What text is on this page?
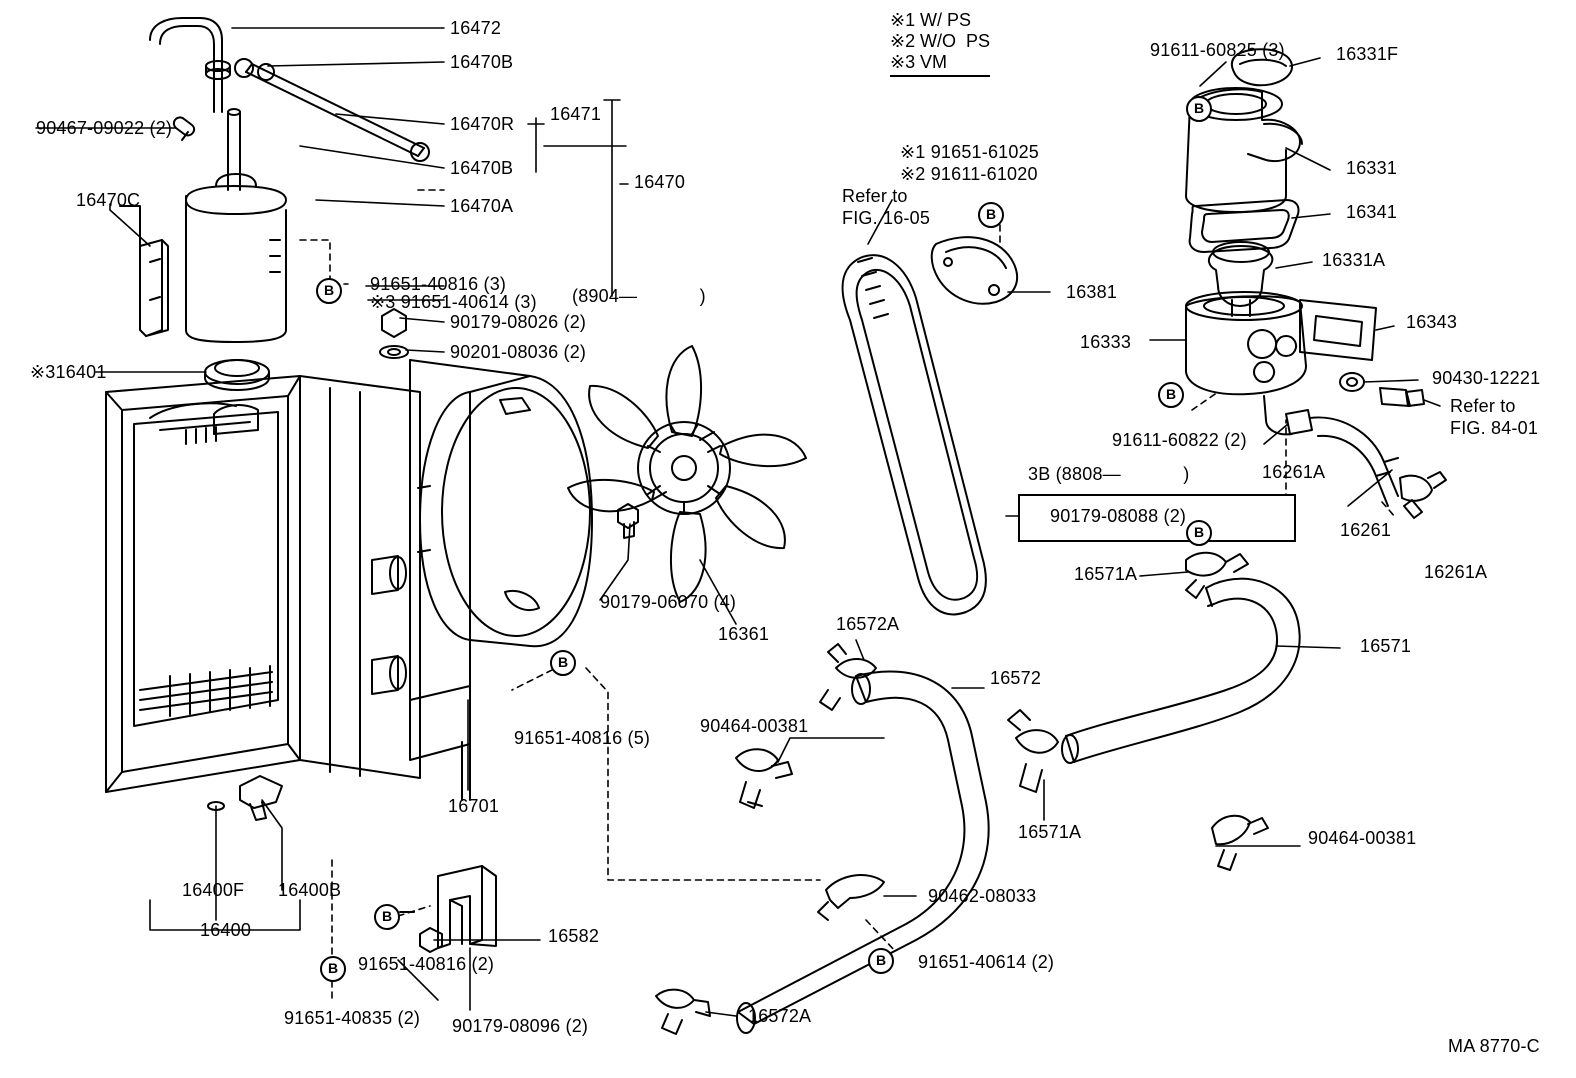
※1 W/ PS
※2 W/O  PS
※3 VM
※1 91651-61025
※2 91611-61020
Refer to
FIG. 16-05
Refer to
FIG. 84-01
3B (8808—            )
90179-08088 (2)
(8904—            )
16472
16470B
16470R 16471
16470B
16470A
16470
90467-09022 (2)
16470C
91651-40816 (3)
※3 91651-40614 (3)
90179-08026 (2)
90201-08036 (2)
※316401
90179-06070 (4)
16361
91651-40816 (5)
16701
16400F 16400B
16400	16582
91651-40816 (2)
91651-40835 (2) 90179-08096 (2)
16381
91611-60825 (3)	16331F
16331
16341
16331A
16343
16333
90430-12221
91611-60822 (2)
16261A
16261
16261A
16571A
16571
16572A
16572
90464-00381
16571A	90464-00381
90462-08033
91651-40614 (2)
16572A
B
B
B
B
B
B
B
B
B
MA 8770-C
